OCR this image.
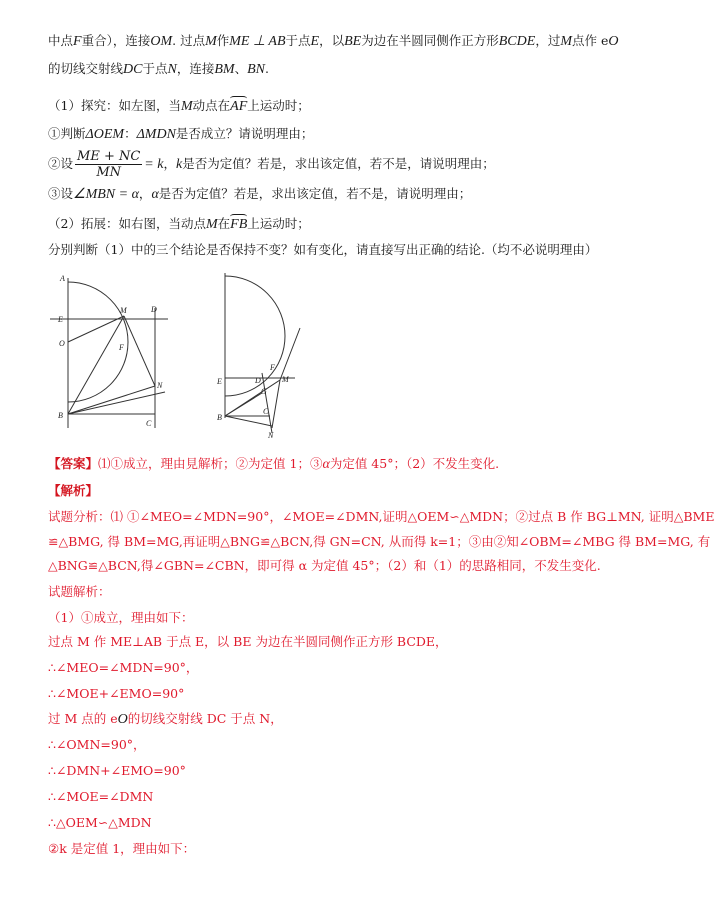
中点F重合），连接OM. 过点M作ME ⊥ AB于点E，以BE为边在半圆同侧作正方形BCDE，过M点作 eO
的切线交射线DC于点N，连接BM、BN.
（1）探究：如左图，当M动点在
AF上运动时；
①判断ΔOEM：ΔMDN是否成立？请说明理由；
②设 $\frac{ME + NC}{MN} = k$，k是否为定值？若是，求出该定值，若不是，请说明理由；
③设∠MBN = α，α是否为定值？若是，求出该定值，若不是，请说明理由；
（2）拓展：如右图，当动点M在
FB上运动时；
分别判断（1）中的三个结论是否保持不变？如有变化，请直接写出正确的结论.（均不必说明理由）
A
E
O
B
M	D
F
N
C
E	D	M
F
C
B
N
G
【答案】⑴①成立，理由見解析；②为定值 1；③α为定值 45°；（2）不发生变化.
【解析】
试题分析：⑴ ①∠MEO=∠MDN=90°，∠MOE=∠DMN,证明△OEM∽△MDN；②过点 B 作 BG⊥MN, 证明△BME
≌△BMG, 得 BM=MG,再证明△BNG≌△BCN,得 GN=CN, 从而得 k=1；③由②知∠OBM=∠MBG 得 BM=MG, 有
△BNG≌△BCN,得∠GBN=∠CBN，即可得 α 为定值 45°；（2）和（1）的思路相同，不发生变化.
试题解析：
（1）①成立，理由如下：
过点 M 作 ME⊥AB 于点 E，以 BE 为边在半圆同侧作正方形 BCDE，
∴∠MEO=∠MDN=90°，
∴∠MOE+∠EMO=90°
过 M 点的 eO的切线交射线 DC 于点 N，
∴∠OMN=90°，
∴∠DMN+∠EMO=90°
∴∠MOE=∠DMN
∴△OEM∽△MDN
②k 是定值 1，理由如下：
